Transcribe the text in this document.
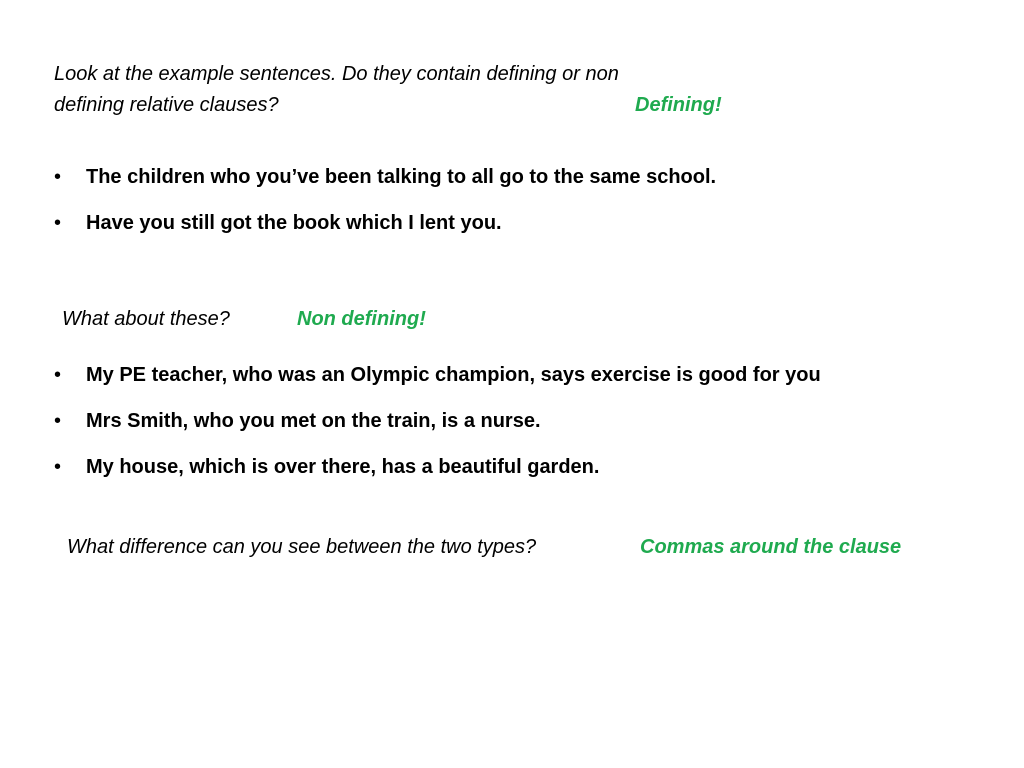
Look at the example sentences. Do they contain defining or non
defining relative clauses?	Defining!
• The children who you’ve been talking to all go to the same school.
• Have you still got the book which I lent you.
What about these?	Non defining!
• My PE teacher, who was an Olympic champion, says exercise is good for you
• Mrs Smith, who you met on the train, is a nurse.
• My house, which is over there, has a beautiful garden.
What difference can you see between the two types?	Commas around the clause
